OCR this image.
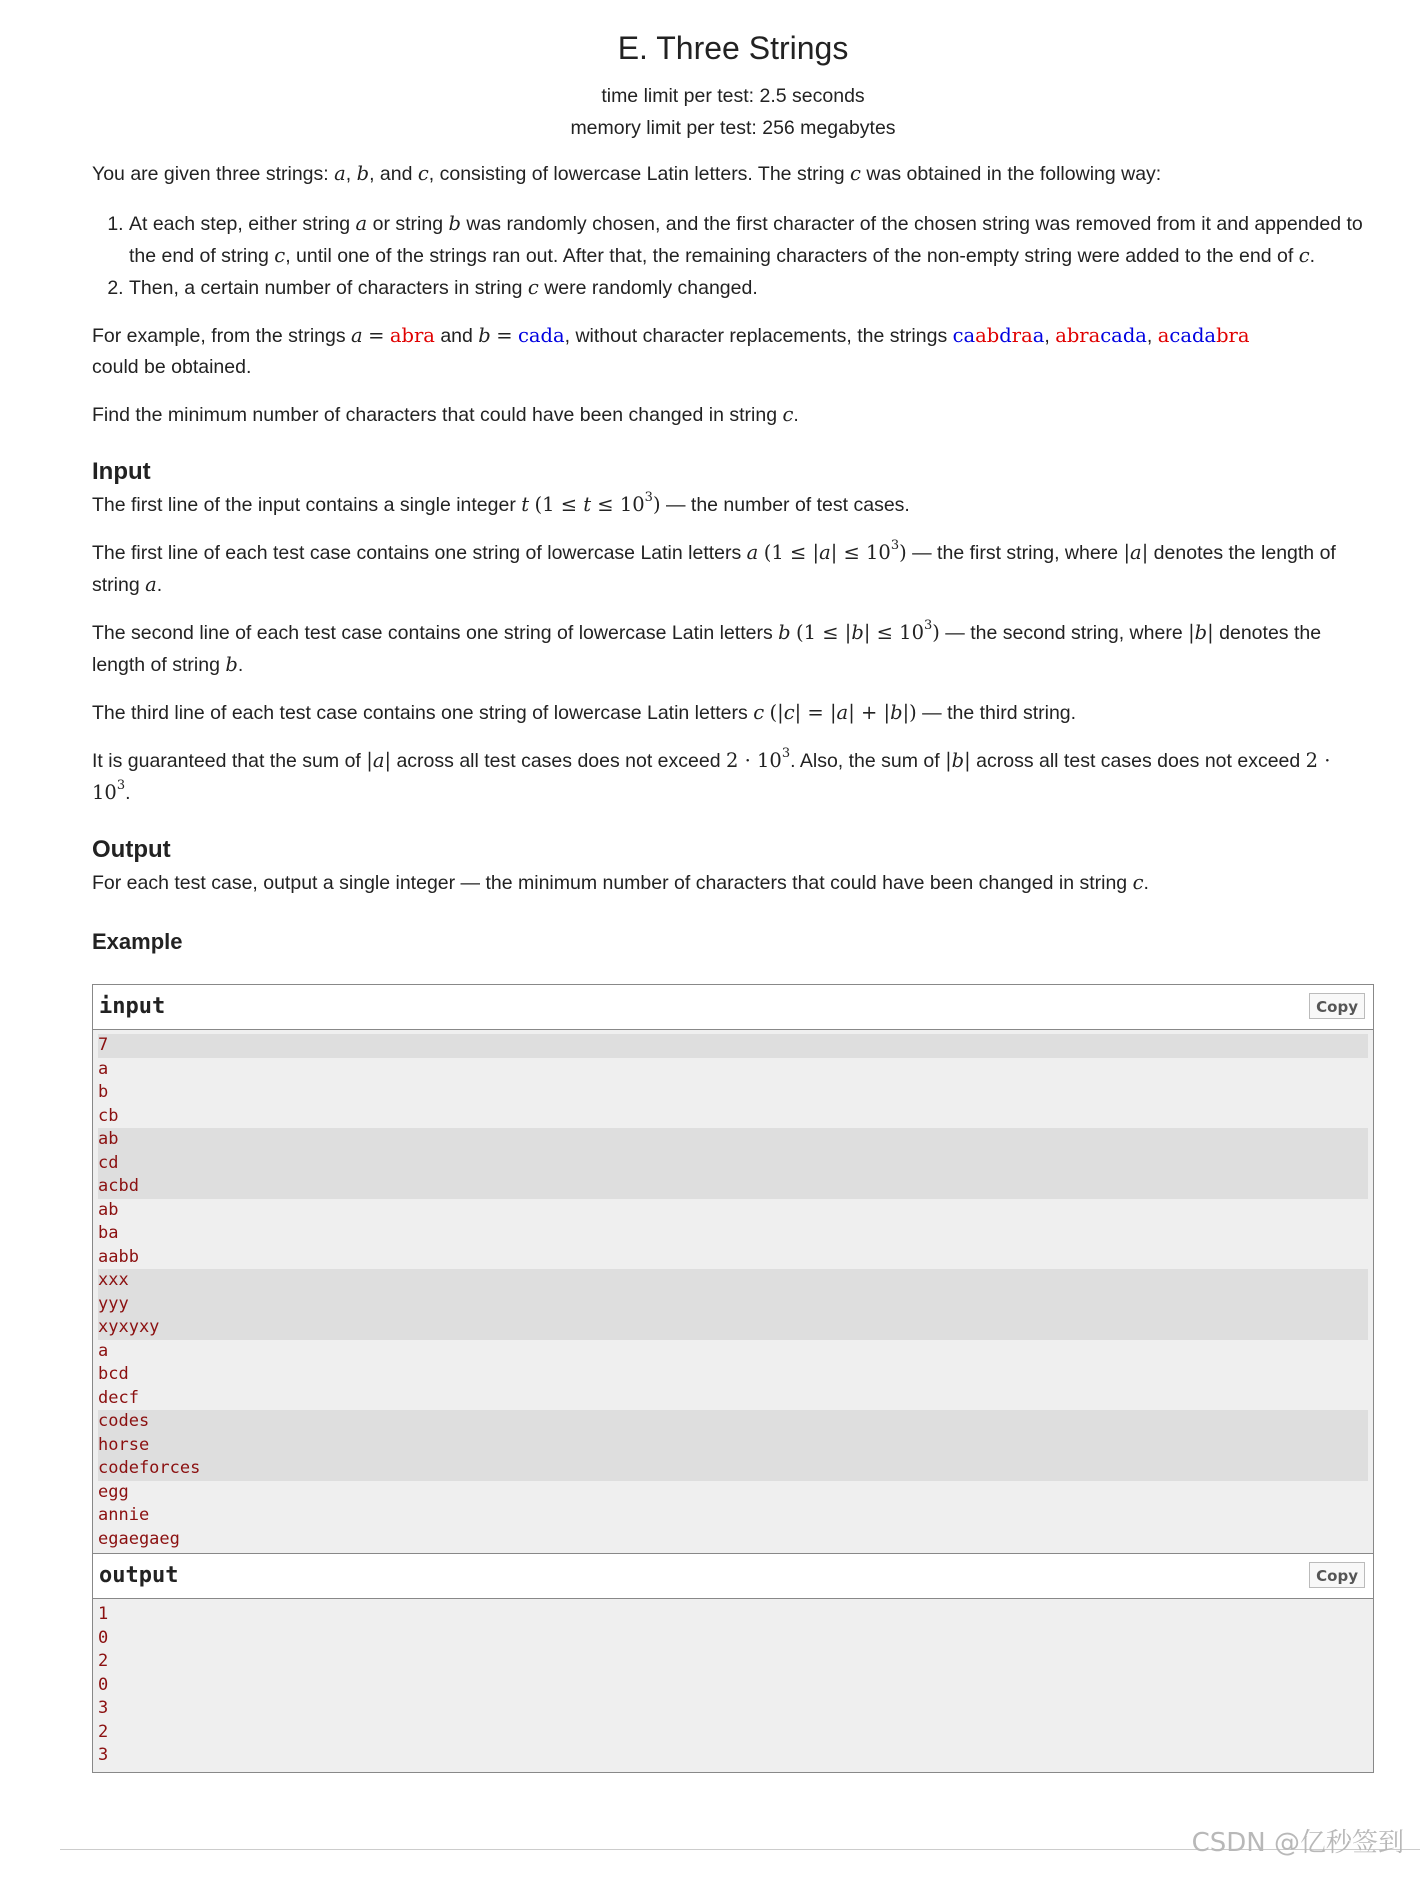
E. Three Strings
time limit per test: 2.5 seconds
memory limit per test: 256 megabytes

You are given three strings: a, b, and c, consisting of lowercase Latin letters. The string c was obtained in the following way:

1. At each step, either string a or string b was randomly chosen, and the first character of the chosen string was removed from it and appended to the end of string c, until one of the strings ran out. After that, the remaining characters of the non-empty string were added to the end of c.
2. Then, a certain number of characters in string c were randomly changed.

For example, from the strings a = abra and b = cada, without character replacements, the strings caabdraa, abracada, acadabra
could be obtained.

Find the minimum number of characters that could have been changed in string c.

Input

The first line of the input contains a single integer t $(1 \le t \le 10^3)$ — the number of test cases.

The first line of each test case contains one string of lowercase Latin letters a $(1 \le |a| \le 10^3)$ — the first string, where |a| denotes the length of string a.

The second line of each test case contains one string of lowercase Latin letters b $(1 \le |b| \le 10^3)$ — the second string, where |b| denotes the length of string b.

The third line of each test case contains one string of lowercase Latin letters c (|c| = |a| + |b|) — the third string.

It is guaranteed that the sum of |a| across all test cases does not exceed $2 \cdot 10^3$. Also, the sum of |b| across all test cases does not exceed $2 \cdot 10^3$.

Output

For each test case, output a single integer — the minimum number of characters that could have been changed in string c.

Example
input	Copy
7
a
b
cb
ab
cd
acbd
ab
ba
aabb
xxx
yyy
xyxyxy
a
bcd
decf
codes
horse
codeforces
egg
annie
egaegaeg
output	Copy
1
0
2
0
3
2
3
CSDN @亿秒签到
